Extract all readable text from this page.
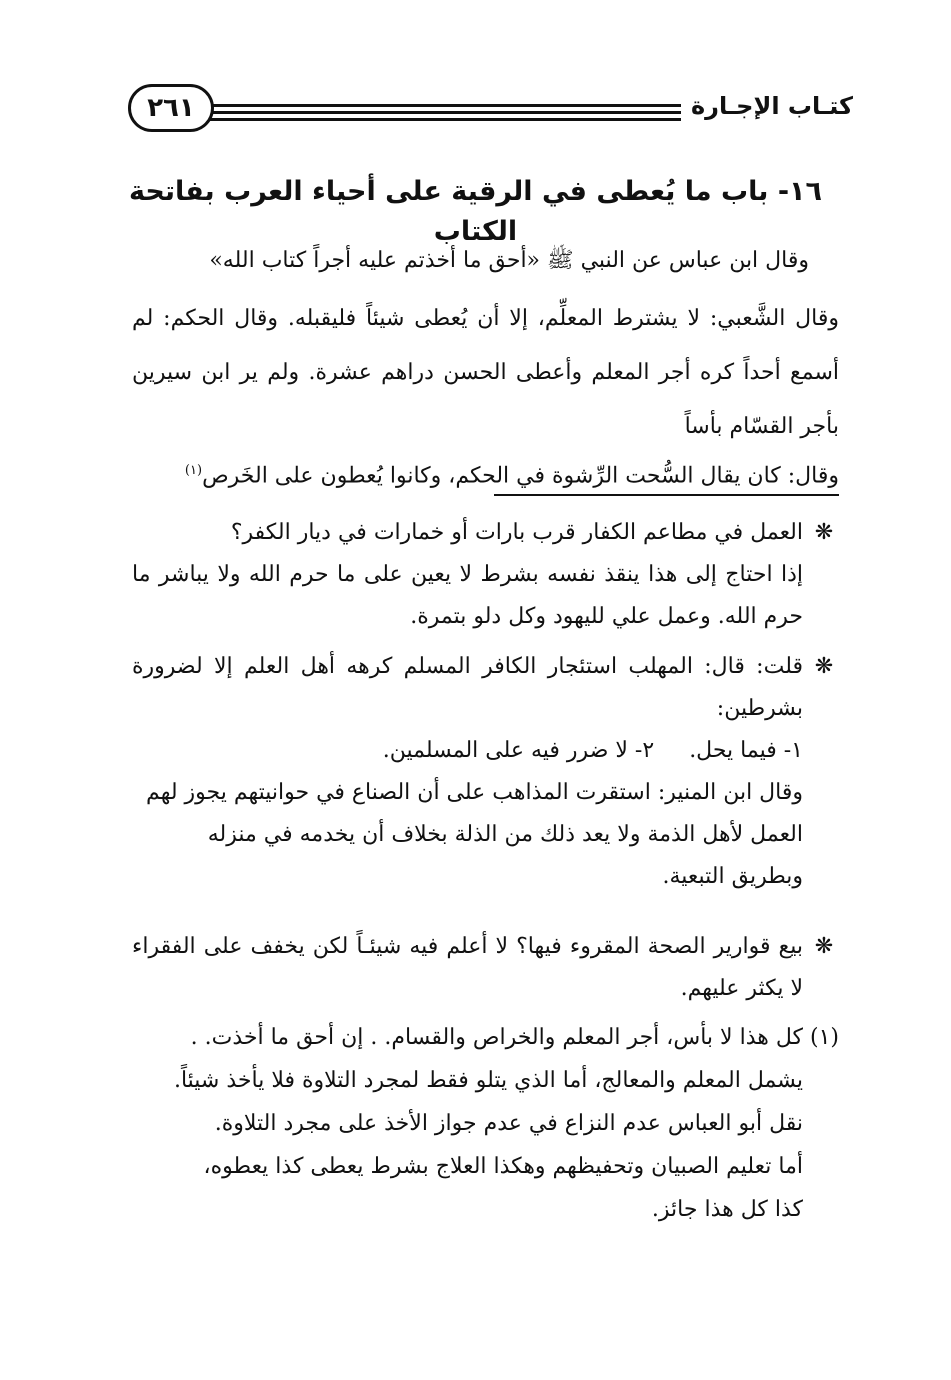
كتـاب الإجـارة
٢٦١
١٦- باب ما يُعطى في الرقية على أحياء العرب بفاتحة الكتاب

وقال ابن عباس عن النبي ﷺ «أحق ما أخذتم عليه أجراً كتاب الله»

وقال الشَّعبي: لا يشترط المعلِّم، إلا أن يُعطى شيئاً فليقبله. وقال الحكم: لم أسمع أحداً كره أجر المعلم وأعطى الحسن دراهم عشرة. ولم ير ابن سيرين بأجر القسّام بأساً

وقال: كان يقال السُّحت الرِّشوة في الحكم، وكانوا يُعطون على الخَرص$^{(١)}$

❋

العمل في مطاعم الكفار قرب بارات أو خمارات في ديار الكفر؟

إذا احتاج إلى هذا ينقذ نفسه بشرط لا يعين على ما حرم الله ولا يباشر ما حرم الله. وعمل علي لليهود وكل دلو بتمرة.

❋

قلت: قال: المهلب استئجار الكافر المسلم كرهه أهل العلم إلا لضرورة بشرطين:

١- فيما يحل. ٢- لا ضرر فيه على المسلمين.

وقال ابن المنير: استقرت المذاهب على أن الصناع في حوانيتهم يجوز لهم العمل لأهل الذمة ولا يعد ذلك من الذلة بخلاف أن يخدمه في منزله وبطريق التبعية.

❋

بيع قوارير الصحة المقروء فيها؟ لا أعلم فيه شيئـاً لكن يخفف على الفقراء لا يكثر عليهم.

(١) كل هذا لا بأس، أجر المعلم والخراص والقسام. . إن أحق ما أخذت. .

يشمل المعلم والمعالج، أما الذي يتلو فقط لمجرد التلاوة فلا يأخذ شيئاً.

نقل أبو العباس عدم النزاع في عدم جواز الأخذ على مجرد التلاوة.

أما تعليم الصبيان وتحفيظهم وهكذا العلاج بشرط يعطى كذا يعطوه،

كذا كل هذا جائز.
